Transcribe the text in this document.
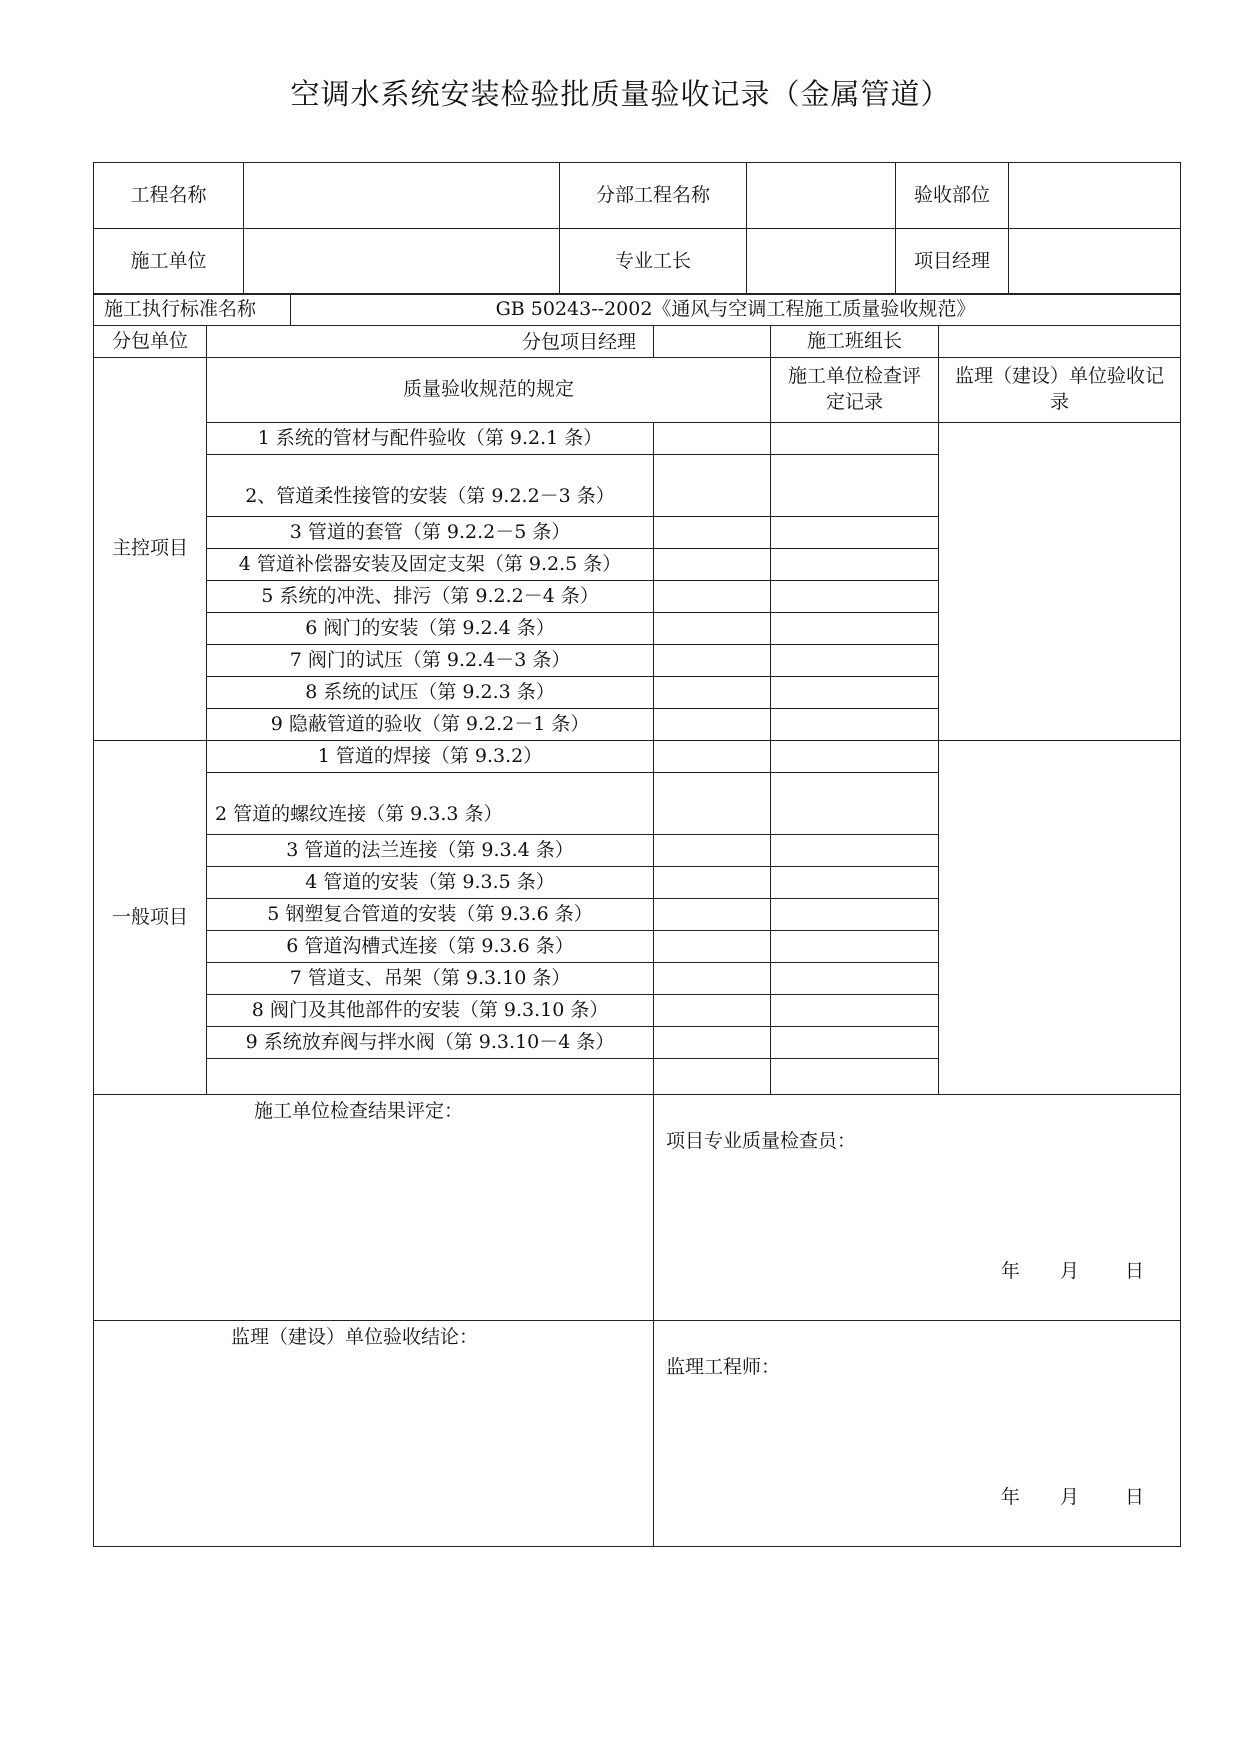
空调水系统安装检验批质量验收记录（金属管道）
工程名称		分部工程名称		验收部位	
施工单位		专业工长		项目经理	
施工执行标准名称		GB 50243--2002《通风与空调工程施工质量验收规范》			
分包单位	分包项目经理			施工班组长	
主控项目	质量验收规范的规定			施工单位检查评定记录	监理（建设）单位验收记录
	1 系统的管材与配件验收（第 9.2.1 条）				
	2、管道柔性接管的安装（第 9.2.2－3 条）				
	3 管道的套管（第 9.2.2－5 条）				
	4 管道补偿器安装及固定支架（第 9.2.5 条）				
	5 系统的冲洗、排污（第 9.2.2－4 条）				
	6 阀门的安装（第 9.2.4 条）				
	7 阀门的试压（第 9.2.4－3 条）				
	8 系统的试压（第 9.2.3 条）				
	9 隐蔽管道的验收（第 9.2.2－1 条）				
一般项目	1 管道的焊接（第 9.3.2）				
	2 管道的螺纹连接（第 9.3.3 条）				
	3 管道的法兰连接（第 9.3.4 条）				
	4 管道的安装（第 9.3.5 条）				
	5 钢塑复合管道的安装（第 9.3.6 条）				
	6 管道沟槽式连接（第 9.3.6 条）				
	7 管道支、吊架（第 9.3.10 条）				
	8 阀门及其他部件的安装（第 9.3.10 条）				
	9 系统放弃阀与拌水阀（第 9.3.10－4 条）				

施工单位检查结果评定：			项目专业质量检查员：
年 月 日		

监理（建设）单位验收结论：			监理工程师：
年 月 日		
